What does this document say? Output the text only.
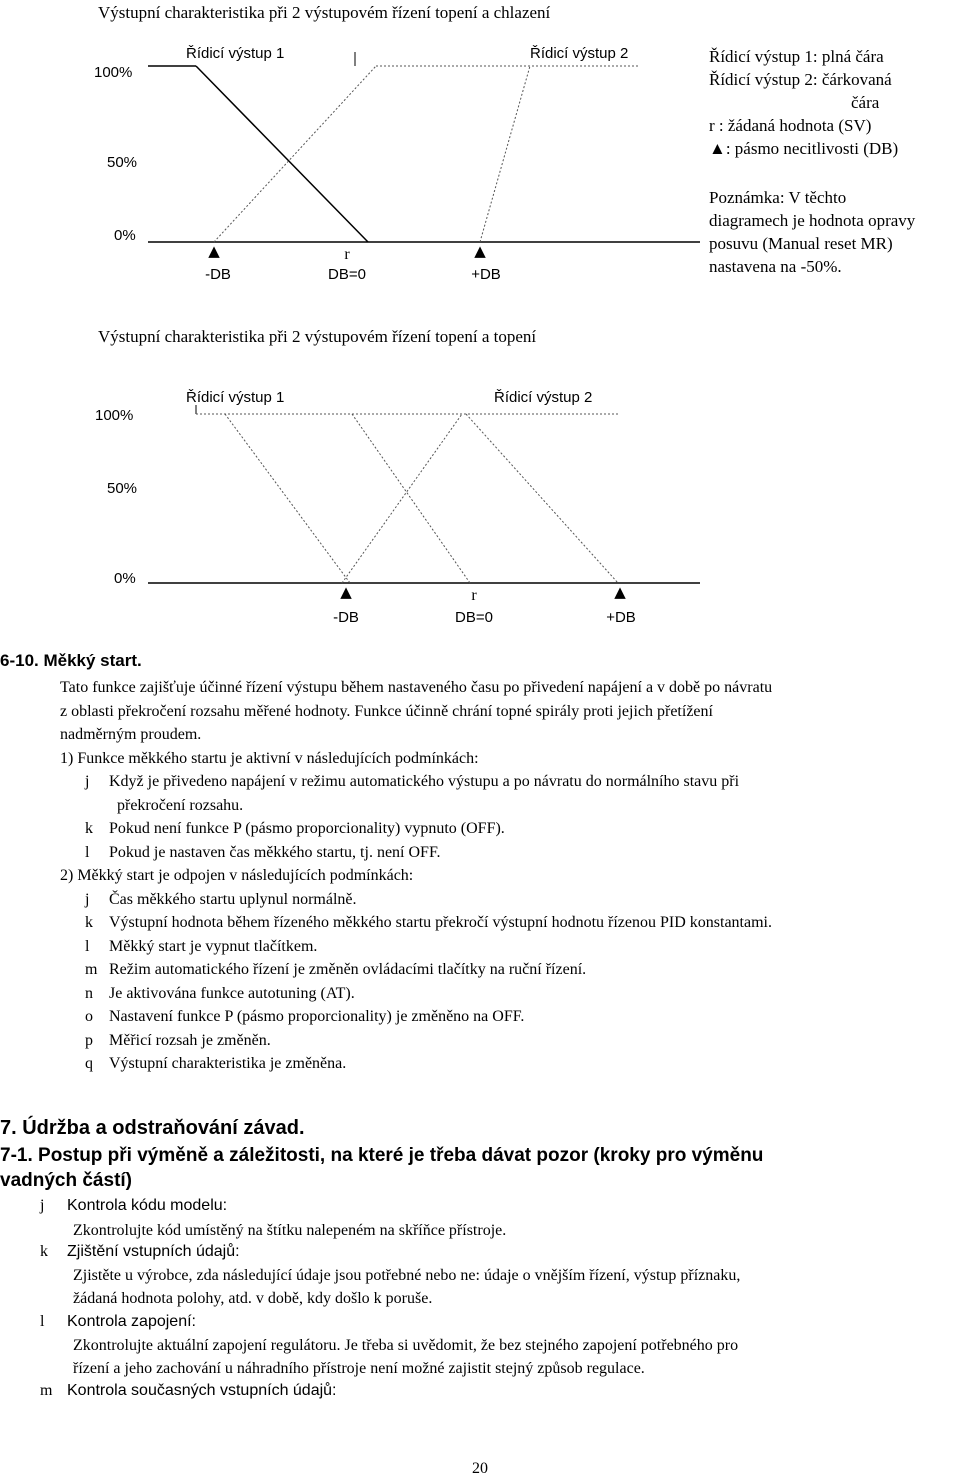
Výstupní charakteristika při 2 výstupovém řízení topení a chlazení
100%
50%
0%
Řídicí výstup 1	Řídicí výstup 2
▲	r	▲
-DB	DB=0	+DB
Řídicí výstup 1: plná čára
Řídicí výstup 2: čárkovaná
čára
r : žádaná hodnota (SV)
▲: pásmo necitlivosti (DB)
Poznámka: V těchto
diagramech je hodnota opravy
posuvu (Manual reset MR)
nastavena na -50%.
Výstupní charakteristika při 2 výstupovém řízení topení a topení
100%
50%
0%
Řídicí výstup 1	Řídicí výstup 2
▲	r	▲
-DB	DB=0	+DB
6-10. Měkký start.
Tato funkce zajišťuje účinné řízení výstupu během nastaveného času po přivedení napájení a v době po návratu
z oblasti překročení rozsahu měřené hodnoty. Funkce účinně chrání topné spirály proti jejich přetížení
nadměrným proudem.
1) Funkce měkkého startu je aktivní v následujících podmínkách:
j Když je přivedeno napájení v režimu automatického výstupu a po návratu do normálního stavu při
překročení rozsahu.
k Pokud není funkce P (pásmo proporcionality) vypnuto (OFF).
l Pokud je nastaven čas měkkého startu, tj. není OFF.
2) Měkký start je odpojen v následujících podmínkách:
j Čas měkkého startu uplynul normálně.
k Výstupní hodnota během řízeného měkkého startu překročí výstupní hodnotu řízenou PID konstantami.
l Měkký start je vypnut tlačítkem.
m Režim automatického řízení je změněn ovládacími tlačítky na ruční řízení.
n Je aktivována funkce autotuning (AT).
o Nastavení funkce P (pásmo proporcionality) je změněno na OFF.
p Měřicí rozsah je změněn.
q Výstupní charakteristika je změněna.
7. Údržba a odstraňování závad.
7-1. Postup při výměně a záležitosti, na které je třeba dávat pozor (kroky pro výměnu
vadných částí)
j Kontrola kódu modelu:
Zkontrolujte kód umístěný na štítku nalepeném na skříňce přístroje.
k Zjištění vstupních údajů:
Zjistěte u výrobce, zda následující údaje jsou potřebné nebo ne: údaje o vnějším řízení, výstup příznaku,
žádaná hodnota polohy, atd. v době, kdy došlo k poruše.
l Kontrola zapojení:
Zkontrolujte aktuální zapojení regulátoru. Je třeba si uvědomit, že bez stejného zapojení potřebného pro
řízení a jeho zachování u náhradního přístroje není možné zajistit stejný způsob regulace.
m Kontrola současných vstupních údajů:
20
